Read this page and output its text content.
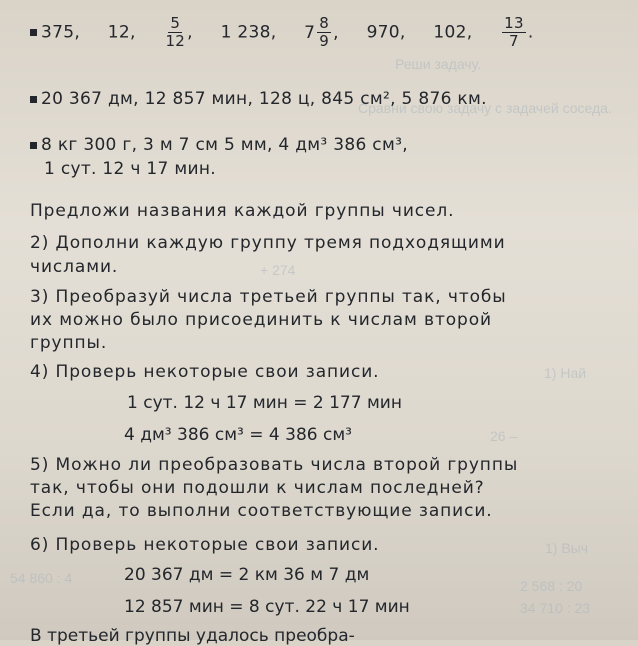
Реши задачу.
Сравни свою задачу с задачей соседа.
+ 274
1) Най
26 –
54 860 : 4
1) Выч
2 568 : 20
34 710 : 23
375, 12, $\frac{5}{12}$ , 1 238, $7 \frac{8}{9}$ , 970, 102, $\frac{13}{7}$ .
20 367 дм, 12 857 мин, 128 ц, 845 см², 5 876 км.
8 кг 300 г, 3 м 7 см 5 мм, 4 дм³ 386 см³,
1 сут. 12 ч 17 мин.
Предложи названия каждой группы чисел.
2) Дополни каждую группу тремя подходящими
числами.
3) Преобразуй числа третьей группы так, чтобы
их можно было присоединить к числам второй
группы.
4) Проверь некоторые свои записи.
1 сут. 12 ч 17 мин = 2 177 мин
4 дм³ 386 см³ = 4 386 см³
5) Можно ли преобразовать числа второй группы
так, чтобы они подошли к числам последней?
Если да, то выполни соответствующие записи.
6) Проверь некоторые свои записи.
20 367 дм = 2 км 36 м 7 дм
12 857 мин = 8 сут. 22 ч 17 мин
В третьей группы удалось преобра-
